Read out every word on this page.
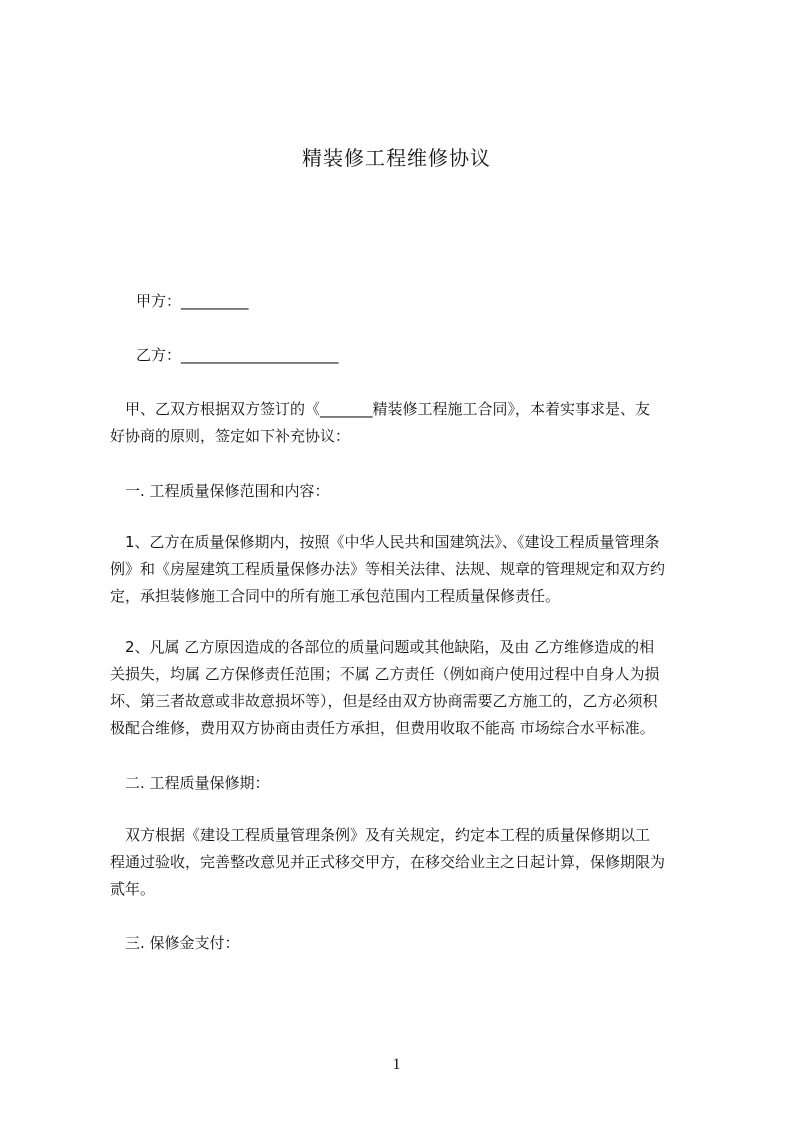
精装修工程维修协议
甲方：_________
乙方：_____________________
　甲、乙双方根据双方签订的《_______精装修工程施工合同》，本着实事求是、友
好协商的原则，签定如下补充协议：
　一. 工程质量保修范围和内容：
　1、乙方在质量保修期内，按照《中华人民共和国建筑法》、《建设工程质量管理条
例》和《房屋建筑工程质量保修办法》等相关法律、法规、规章的管理规定和双方约
定，承担装修施工合同中的所有施工承包范围内工程质量保修责任。
　2、凡属 乙方原因造成的各部位的质量问题或其他缺陷，及由 乙方维修造成的相
关损失，均属 乙方保修责任范围；不属 乙方责任（例如商户使用过程中自身人为损
坏、第三者故意或非故意损坏等），但是经由双方协商需要乙方施工的，乙方必须积
极配合维修，费用双方协商由责任方承担，但费用收取不能高 市场综合水平标准。
　二. 工程质量保修期：
　双方根据《建设工程质量管理条例》及有关规定，约定本工程的质量保修期以工
程通过验收，完善整改意见并正式移交甲方，在移交给业主之日起计算，保修期限为
贰年。
　三. 保修金支付：
1
